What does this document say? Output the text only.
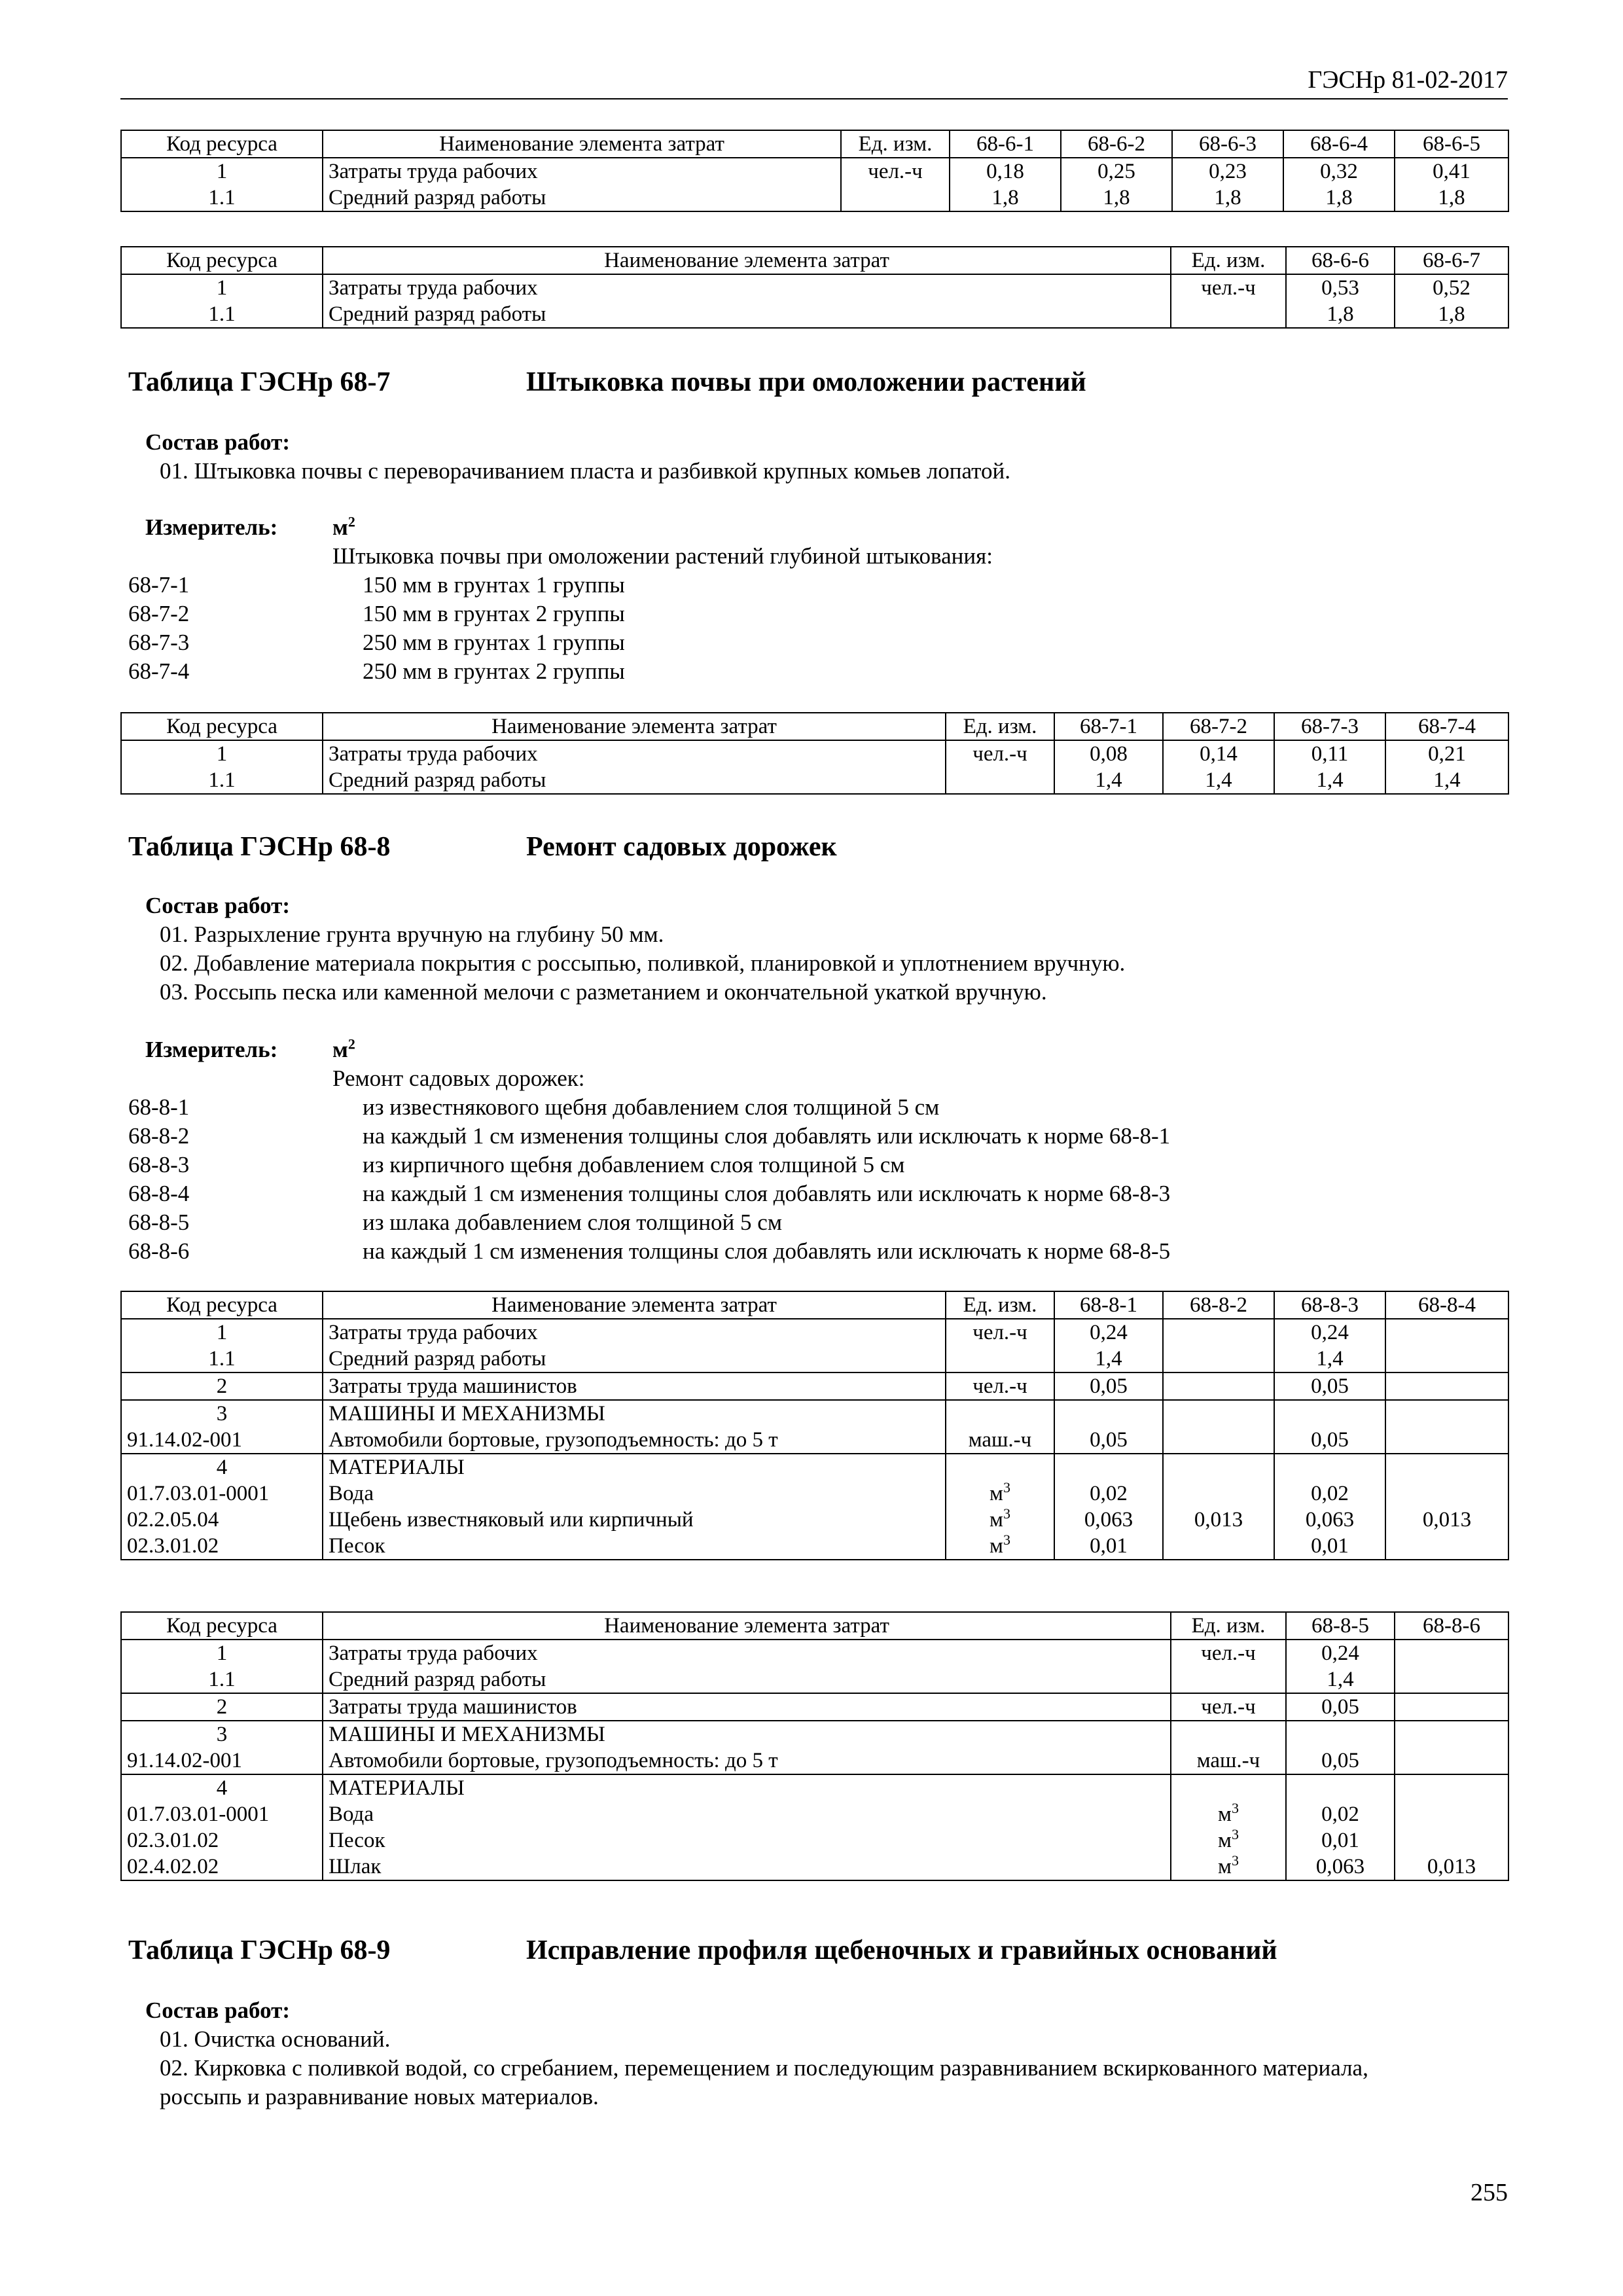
ГЭСНр 81-02-2017
Код ресурса	Наименование элемента затрат	Ед. изм.	68-6-1	68-6-2	68-6-3	68-6-4	68-6-5
1	Затраты труда рабочих	чел.-ч	0,18	0,25	0,23	0,32	0,41
1.1	Средний разряд работы		1,8	1,8	1,8	1,8	1,8
Код ресурса	Наименование элемента затрат	Ед. изм.	68-6-6	68-6-7
1	Затраты труда рабочих	чел.-ч	0,53	0,52
1.1	Средний разряд работы		1,8	1,8
Таблица ГЭСНр 68-7	Штыковка почвы при омоложении растений
Состав работ:
01. Штыковка почвы с переворачиванием пласта и разбивкой крупных комьев лопатой.
Измеритель: $м^2$
Штыковка почвы при омоложении растений глубиной штыкования:
68-7-1	150 мм в грунтах 1 группы
68-7-2	150 мм в грунтах 2 группы
68-7-3	250 мм в грунтах 1 группы
68-7-4	250 мм в грунтах 2 группы
Код ресурса	Наименование элемента затрат	Ед. изм.	68-7-1	68-7-2	68-7-3	68-7-4
1	Затраты труда рабочих	чел.-ч	0,08	0,14	0,11	0,21
1.1	Средний разряд работы		1,4	1,4	1,4	1,4
Таблица ГЭСНр 68-8	Ремонт садовых дорожек
Состав работ:
01. Разрыхление грунта вручную на глубину 50 мм.
02. Добавление материала покрытия с россыпью, поливкой, планировкой и уплотнением вручную.
03. Россыпь песка или каменной мелочи с разметанием и окончательной укаткой вручную.
Измеритель: $м^2$
Ремонт садовых дорожек:
68-8-1	из известнякового щебня добавлением слоя толщиной 5 см
68-8-2	на каждый 1 см изменения толщины слоя добавлять или исключать к норме 68-8-1
68-8-3	из кирпичного щебня добавлением слоя толщиной 5 см
68-8-4	на каждый 1 см изменения толщины слоя добавлять или исключать к норме 68-8-3
68-8-5	из шлака добавлением слоя толщиной 5 см
68-8-6	на каждый 1 см изменения толщины слоя добавлять или исключать к норме 68-8-5
Код ресурса	Наименование элемента затрат	Ед. изм.	68-8-1	68-8-2	68-8-3	68-8-4
1	Затраты труда рабочих	чел.-ч	0,24		0,24	
1.1	Средний разряд работы		1,4		1,4	
2	Затраты труда машинистов	чел.-ч	0,05		0,05	
3	МАШИНЫ И МЕХАНИЗМЫ					
91.14.02-001	Автомобили бортовые, грузоподъемность: до 5 т	маш.-ч	0,05		0,05	
4	МАТЕРИАЛЫ					
01.7.03.01-0001	Вода	$м^3$	0,02		0,02	
02.2.05.04	Щебень известняковый или кирпичный	$м^3$	0,063	0,013	0,063	0,013
02.3.01.02	Песок	$м^3$	0,01		0,01	
Код ресурса	Наименование элемента затрат	Ед. изм.	68-8-5	68-8-6
1	Затраты труда рабочих	чел.-ч	0,24	
1.1	Средний разряд работы		1,4	
2	Затраты труда машинистов	чел.-ч	0,05	
3	МАШИНЫ И МЕХАНИЗМЫ			
91.14.02-001	Автомобили бортовые, грузоподъемность: до 5 т	маш.-ч	0,05	
4	МАТЕРИАЛЫ			
01.7.03.01-0001	Вода	$м^3$	0,02	
02.3.01.02	Песок	$м^3$	0,01	
02.4.02.02	Шлак	$м^3$	0,063	0,013
Таблица ГЭСНр 68-9	Исправление профиля щебеночных и гравийных оснований
Состав работ:
01. Очистка оснований.
02. Кирковка с поливкой водой, со сгребанием, перемещением и последующим разравниванием вскиркованного материала,
россыпь и разравнивание новых материалов.
255
